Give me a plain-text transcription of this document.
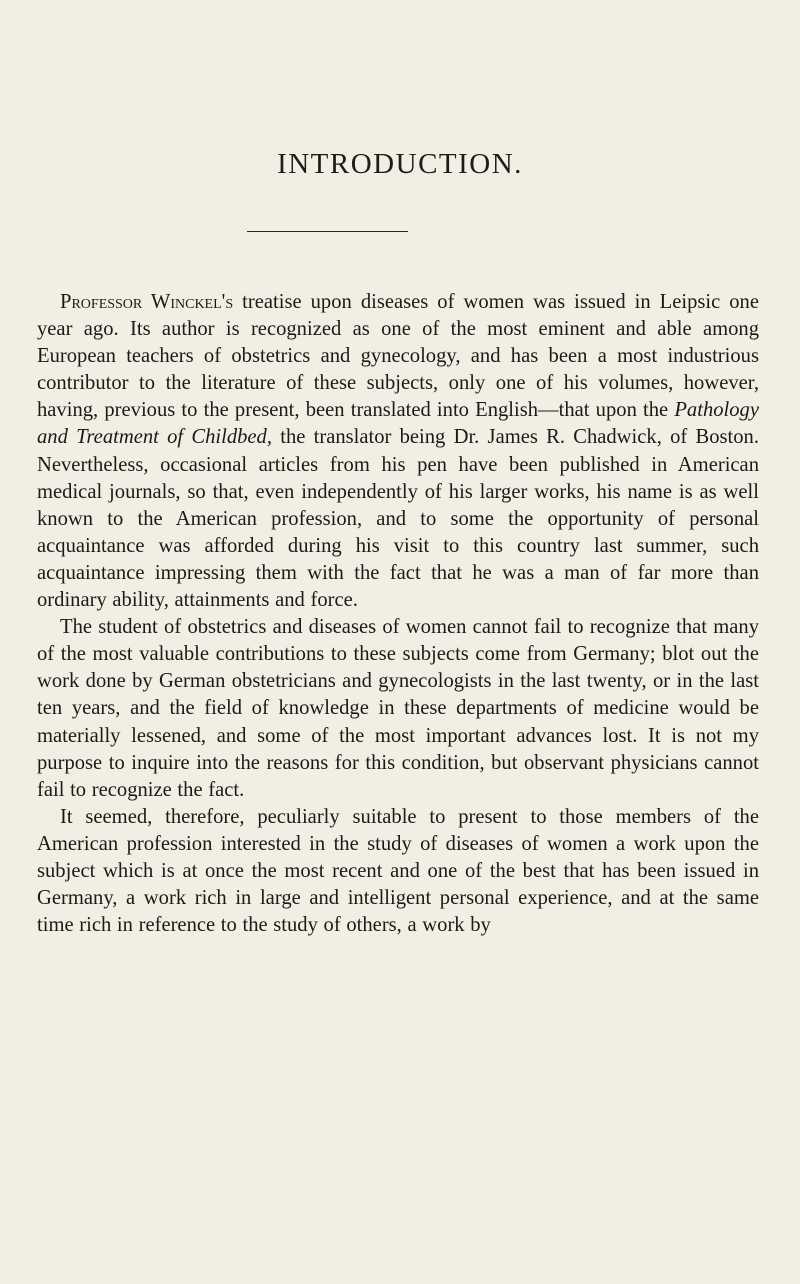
INTRODUCTION.

Professor Winckel's treatise upon diseases of women was issued in Leipsic one year ago. Its author is recognized as one of the most eminent and able among European teachers of obstetrics and gynecology, and has been a most industrious contributor to the literature of these subjects, only one of his volumes, however, having, previous to the present, been translated into English—that upon the Pathology and Treatment of Childbed, the translator being Dr. James R. Chadwick, of Boston. Nevertheless, occasional articles from his pen have been published in American medical journals, so that, even independently of his larger works, his name is as well known to the American profession, and to some the opportunity of personal acquaintance was afforded during his visit to this country last summer, such acquaintance impressing them with the fact that he was a man of far more than ordinary ability, attainments and force.

The student of obstetrics and diseases of women cannot fail to recognize that many of the most valuable contributions to these subjects come from Germany; blot out the work done by German obstetricians and gynecologists in the last twenty, or in the last ten years, and the field of knowledge in these departments of medicine would be materially lessened, and some of the most important advances lost. It is not my purpose to inquire into the reasons for this condition, but observant physicians cannot fail to recognize the fact.

It seemed, therefore, peculiarly suitable to present to those members of the American profession interested in the study of diseases of women a work upon the subject which is at once the most recent and one of the best that has been issued in Germany, a work rich in large and intelligent personal experience, and at the same time rich in reference to the study of others, a work by
